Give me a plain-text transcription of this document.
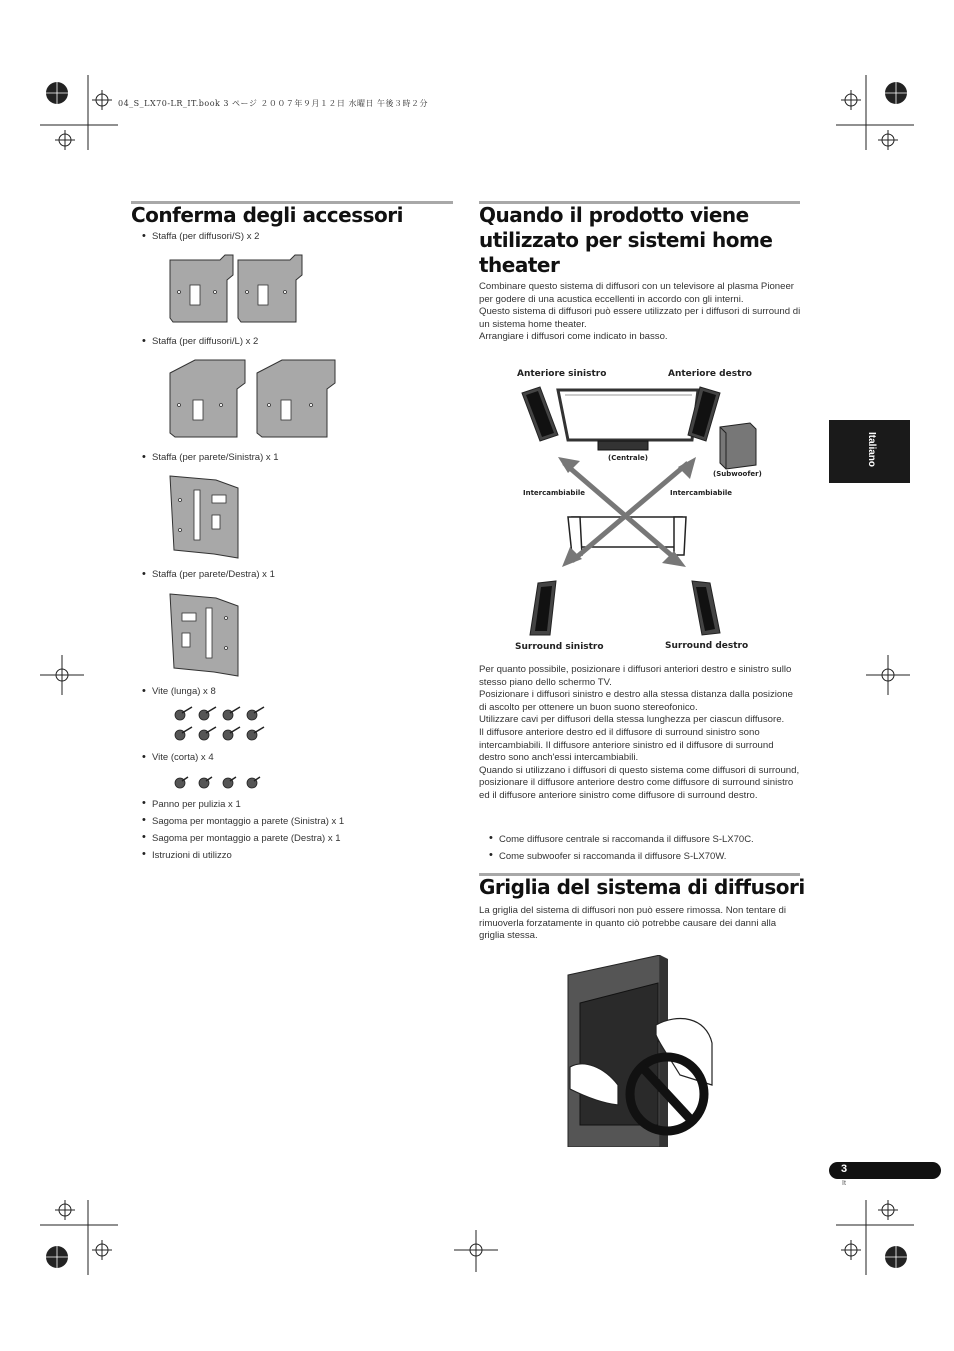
04_S_LX70-LR_IT.book 3 ページ ２００７年９月１２日 水曜日 午後３時２分
Conferma degli accessori
• Staffa (per diffusori/S) x 2
• Staffa (per diffusori/L) x 2
• Staffa (per parete/Sinistra) x 1
• Staffa (per parete/Destra) x 1
• Vite (lunga) x 8
• Vite (corta) x 4
• Panno per pulizia x 1
• Sagoma per montaggio a parete (Sinistra) x 1
• Sagoma per montaggio a parete (Destra) x 1
• Istruzioni di utilizzo
Quando il prodotto viene utilizzato per sistemi home theater
Combinare questo sistema di diffusori con un televisore al plasma Pioneer per godere di una acustica eccellenti in accordo con gli interni.
Questo sistema di diffusori può essere utilizzato per i diffusori di surround di un sistema home theater.
Arrangiare i diffusori come indicato in basso.
Anteriore sinistro	Anteriore destro
(Centrale)
(Subwoofer)
Intercambiabile	Intercambiabile
Surround sinistro	Surround destro
Per quanto possibile, posizionare i diffusori anteriori destro e sinistro sullo stesso piano dello schermo TV.
Posizionare i diffusori sinistro e destro alla stessa distanza dalla posizione di ascolto per ottenere un buon suono stereofonico.
Utilizzare cavi per diffusori della stessa lunghezza per ciascun diffusore.
Il diffusore anteriore destro ed il diffusore di surround sinistro sono intercambiabili. Il diffusore anteriore sinistro ed il diffusore di surround destro sono anch'essi intercambiabili.
Quando si utilizzano i diffusori di questo sistema come diffusori di surround, posizionare il diffusore anteriore destro come diffusore di surround sinistro ed il diffusore anteriore sinistro come diffusore di surround destro.
• Come diffusore centrale si raccomanda il diffusore S-LX70C.
• Come subwoofer si raccomanda il diffusore S-LX70W.
Griglia del sistema di diffusori
La griglia del sistema di diffusori non può essere rimossa. Non tentare di rimuoverla forzatamente in quanto ciò potrebbe causare dei danni alla griglia stessa.
Italiano
3
It
